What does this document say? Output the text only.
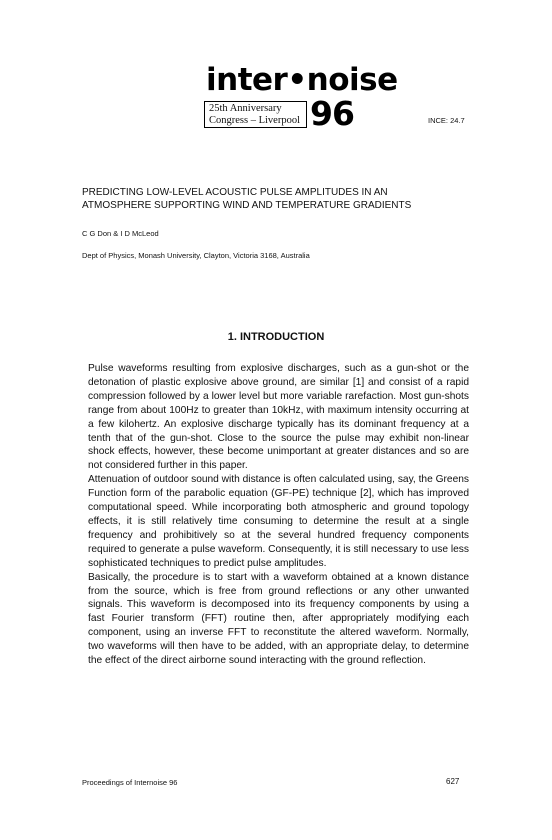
inter•noise
25th Anniversary
Congress – Liverpool 96	INCE: 24.7
PREDICTING LOW-LEVEL ACOUSTIC PULSE AMPLITUDES IN AN
ATMOSPHERE SUPPORTING WIND AND TEMPERATURE GRADIENTS
C G Don & I D McLeod
Dept of Physics, Monash University, Clayton, Victoria 3168, Australia
1. INTRODUCTION

Pulse waveforms resulting from explosive discharges, such as a gun-shot or the detonation of plastic explosive above ground, are similar [1] and consist of a rapid compression followed by a lower level but more variable rarefaction. Most gun-shots range from about 100Hz to greater than 10kHz, with maximum intensity occurring at a few kilohertz. An explosive discharge typically has its dominant frequency at a tenth that of the gun-shot. Close to the source the pulse may exhibit non-linear shock effects, however, these become unimportant at greater distances and so are not considered further in this paper.

Attenuation of outdoor sound with distance is often calculated using, say, the Greens Function form of the parabolic equation (GF-PE) technique [2], which has improved computational speed. While incorporating both atmospheric and ground topology effects, it is still relatively time consuming to determine the result at a single frequency and prohibitively so at the several hundred frequency components required to generate a pulse waveform. Consequently, it is still necessary to use less sophisticated techniques to predict pulse amplitudes.

Basically, the procedure is to start with a waveform obtained at a known distance from the source, which is free from ground reflections or any other unwanted signals. This waveform is decomposed into its frequency components by using a fast Fourier transform (FFT) routine then, after appropriately modifying each component, using an inverse FFT to reconstitute the altered waveform. Normally, two waveforms will then have to be added, with an appropriate delay, to determine the effect of the direct airborne sound interacting with the ground reflection.

Proceedings of Internoise 96	627
